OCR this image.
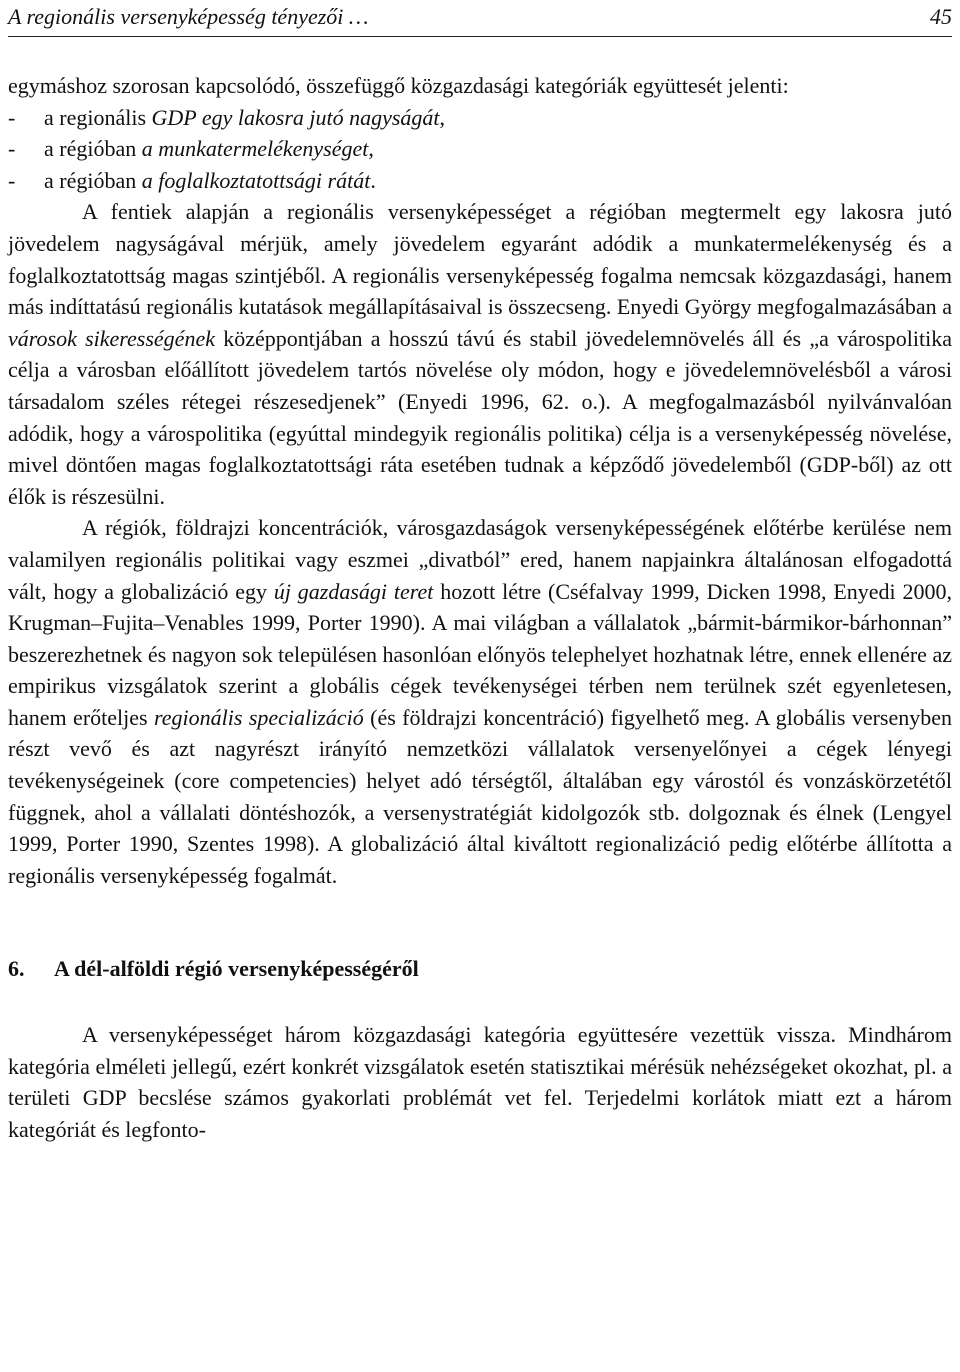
A regionális versenyképesség tényezői …	45

egymáshoz szorosan kapcsolódó, összefüggő közgazdasági kategóriák együttesét jelenti:

- a regionális GDP egy lakosra jutó nagyságát,
- a régióban a munkatermelékenységet,
- a régióban a foglalkoztatottsági rátát.

A fentiek alapján a regionális versenyképességet a régióban megtermelt egy lakosra jutó jövedelem nagyságával mérjük, amely jövedelem egyaránt adódik a munkatermelékenység és a foglalkoztatottság magas szintjéből. A regionális versenyképesség fogalma nemcsak közgazdasági, hanem más indíttatású regionális kutatások megállapításaival is összecseng. Enyedi György megfogalmazásában a városok sikerességének középpontjában a hosszú távú és stabil jövedelemnövelés áll és „a várospolitika célja a városban előállított jövedelem tartós növelése oly módon, hogy e jövedelemnövelésből a városi társadalom széles rétegei részesedjenek” (Enyedi 1996, 62. o.). A megfogalmazásból nyilvánvalóan adódik, hogy a várospolitika (egyúttal mindegyik regionális politika) célja is a versenyképesség növelése, mivel döntően magas foglalkoztatottsági ráta esetében tudnak a képződő jövedelemből (GDP-ből) az ott élők is részesülni.

A régiók, földrajzi koncentrációk, városgazdaságok versenyképességének előtérbe kerülése nem valamilyen regionális politikai vagy eszmei „divatból” ered, hanem napjainkra általánosan elfogadottá vált, hogy a globalizáció egy új gazdasági teret hozott létre (Cséfalvay 1999, Dicken 1998, Enyedi 2000, Krugman–Fujita–Venables 1999, Porter 1990). A mai világban a vállalatok „bármit-bármikor-bárhonnan” beszerezhetnek és nagyon sok településen hasonlóan előnyös telephelyet hozhatnak létre, ennek ellenére az empirikus vizsgálatok szerint a globális cégek tevékenységei térben nem terülnek szét egyenletesen, hanem erőteljes regionális specializáció (és földrajzi koncentráció) figyelhető meg. A globális versenyben részt vevő és azt nagyrészt irányító nemzetközi vállalatok versenyelőnyei a cégek lényegi tevékenységeinek (core competencies) helyet adó térségtől, általában egy várostól és vonzáskörzetétől függnek, ahol a vállalati döntéshozók, a versenystratégiát kidolgozók stb. dolgoznak és élnek (Lengyel 1999, Porter 1990, Szentes 1998). A globalizáció által kiváltott regionalizáció pedig előtérbe állította a regionális versenyképesség fogalmát.

6. A dél-alföldi régió versenyképességéről

A versenyképességet három közgazdasági kategória együttesére vezettük vissza. Mindhárom kategória elméleti jellegű, ezért konkrét vizsgálatok esetén statisztikai mérésük nehézségeket okozhat, pl. a területi GDP becslése számos gyakorlati problémát vet fel. Terjedelmi korlátok miatt ezt a három kategóriát és legfonto-
